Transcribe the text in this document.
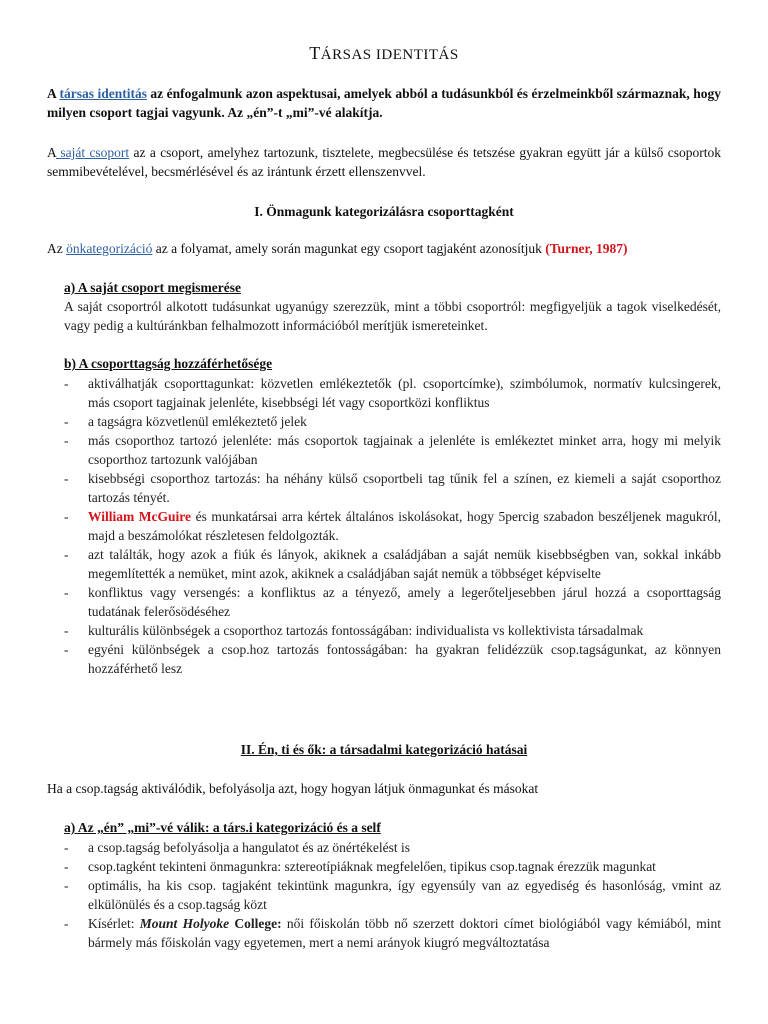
TÁRSAS IDENTITÁS
A társas identitás az énfogalmunk azon aspektusai, amelyek abból a tudásunkból és érzelmeinkből származnak, hogy milyen csoport tagjai vagyunk. Az „én”-t „mi”-vé alakítja.
A saját csoport az a csoport, amelyhez tartozunk, tisztelete, megbecsülése és tetszése gyakran együtt jár a külső csoportok semmibevételével, becsmérlésével és az irántunk érzett ellenszenvvel.
I. Önmagunk kategorizálásra csoporttagként
Az önkategorizáció az a folyamat, amely során magunkat egy csoport tagjaként azonosítjuk (Turner, 1987)
a) A saját csoport megismerése
A saját csoportról alkotott tudásunkat ugyanúgy szerezzük, mint a többi csoportról: megfigyeljük a tagok viselkedését, vagy pedig a kultúránkban felhalmozott információból merítjük ismereteinket.
b) A csoporttagság hozzáférhetősége
- aktiválhatják csoporttagunkat: közvetlen emlékeztetők (pl. csoportcímke), szimbólumok, normatív kulcsingerek, más csoport tagjainak jelenléte, kisebbségi lét vagy csoportközi konfliktus
- a tagságra közvetlenül emlékeztető jelek
- más csoporthoz tartozó jelenléte: más csoportok tagjainak a jelenléte is emlékeztet minket arra, hogy mi melyik csoporthoz tartozunk valójában
- kisebbségi csoporthoz tartozás: ha néhány külső csoportbeli tag tűnik fel a színen, ez kiemeli a saját csoporthoz tartozás tényét.
- William McGuire és munkatársai arra kértek általános iskolásokat, hogy 5percig szabadon beszéljenek magukról, majd a beszámolókat részletesen feldolgozták.
- azt találták, hogy azok a fiúk és lányok, akiknek a családjában a saját nemük kisebbségben van, sokkal inkább megemlítették a nemüket, mint azok, akiknek a családjában saját nemük a többséget képviselte
- konfliktus vagy versengés: a konfliktus az a tényező, amely a legerőteljesebben járul hozzá a csoporttagság tudatának felerősödéséhez
- kulturális különbségek a csoporthoz tartozás fontosságában: individualista vs kollektivista társadalmak
- egyéni különbségek a csop.hoz tartozás fontosságában: ha gyakran felidézzük csop.tagságunkat, az könnyen hozzáférhető lesz
II. Én, ti és ők: a társadalmi kategorizáció hatásai
Ha a csop.tagság aktiválódik, befolyásolja azt, hogy hogyan látjuk önmagunkat és másokat
a) Az „én” „mi”-vé válik: a társ.i kategorizáció és a self
- a csop.tagság befolyásolja a hangulatot és az önértékelést is
- csop.tagként tekinteni önmagunkra: sztereotípiáknak megfelelően, tipikus csop.tagnak érezzük magunkat
- optimális, ha kis csop. tagjaként tekintünk magunkra, így egyensúly van az egyediség és hasonlóság, vmint az elkülönülés és a csop.tagság közt
- Kísérlet: Mount Holyoke College: női főiskolán több nő szerzett doktori címet biológiából vagy kémiából, mint bármely más főiskolán vagy egyetemen, mert a nemi arányok kiugró megváltoztatása
